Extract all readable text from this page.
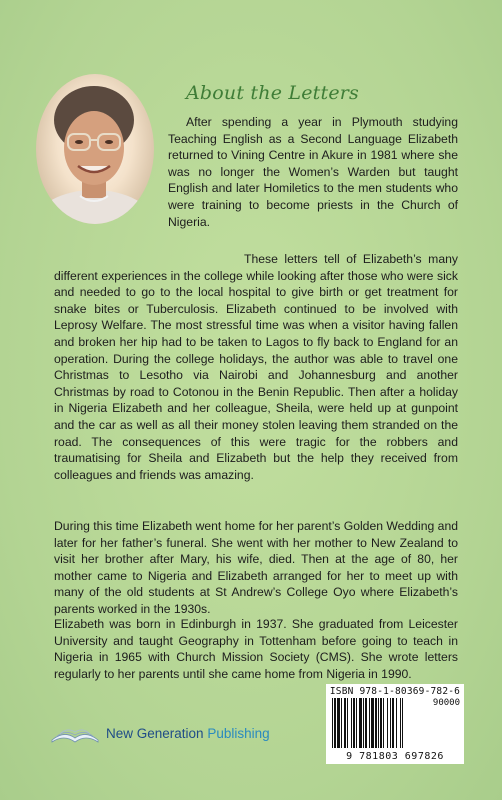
About the Letters

After spending a year in Plymouth studying Teaching English as a Second Language Elizabeth returned to Vining Centre in Akure in 1981 where she was no longer the Women’s Warden but taught English and later Homiletics to the men students who were training to become priests in the Church of Nigeria.

These letters tell of Elizabeth’s many different experiences in the college while looking after those who were sick and needed to go to the local hospital to give birth or get treatment for snake bites or Tuberculosis. Elizabeth continued to be involved with Leprosy Welfare. The most stressful time was when a visitor having fallen and broken her hip had to be taken to Lagos to fly back to England for an operation. During the college holidays, the author was able to travel one Christmas to Lesotho via Nairobi and Johannesburg and another Christmas by road to Cotonou in the Benin Republic. Then after a holiday in Nigeria Elizabeth and her colleague, Sheila, were held up at gunpoint and the car as well as all their money stolen leaving them stranded on the road. The consequences of this were tragic for the robbers and traumatising for Sheila and Elizabeth but the help they received from colleagues and friends was amazing.

During this time Elizabeth went home for her parent’s Golden Wedding and later for her father’s funeral. She went with her mother to New Zealand to visit her brother after Mary, his wife, died. Then at the age of 80, her mother came to Nigeria and Elizabeth arranged for her to meet up with many of the old students at St Andrew’s College Oyo where Elizabeth’s parents worked in the 1930s.

Elizabeth was born in Edinburgh in 1937. She graduated from Leicester University and taught Geography in Tottenham before going to teach in Nigeria in 1965 with Church Mission Society (CMS). She wrote letters regularly to her parents until she came home from Nigeria in 1990.

ISBN 978-1-80369-782-6
90000
9 781803 697826
New Generation Publishing
